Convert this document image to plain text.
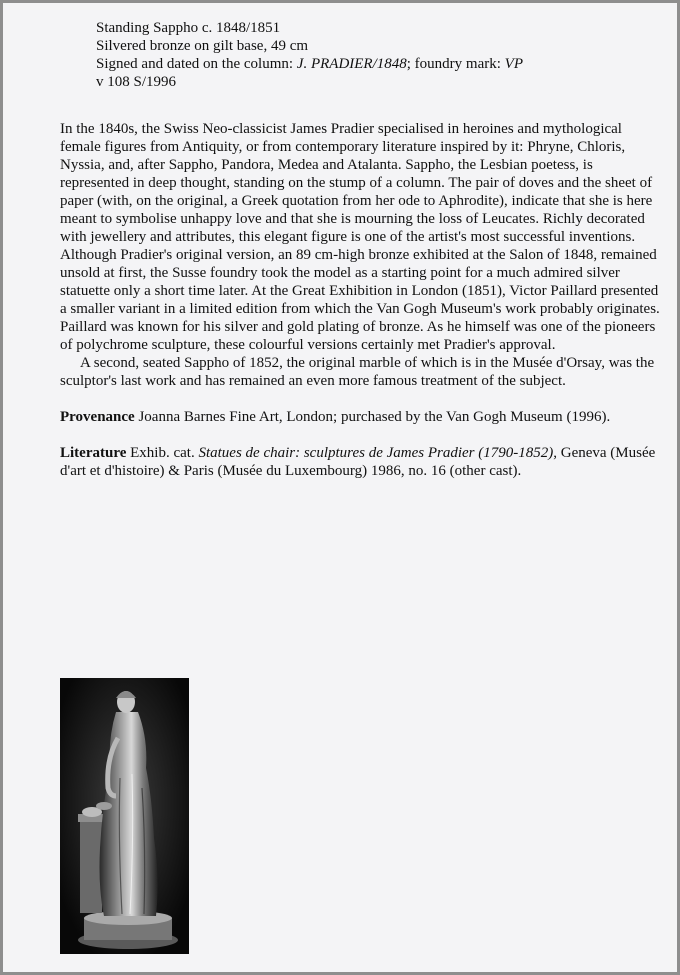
Standing Sappho c. 1848/1851
Silvered bronze on gilt base, 49 cm
Signed and dated on the column: J. PRADIER/1848; foundry mark: VP
v 108 S/1996

In the 1840s, the Swiss Neo-classicist James Pradier specialised in heroines and mythological female figures from Antiquity, or from contemporary literature inspired by it: Phryne, Chloris, Nyssia, and, after Sappho, Pandora, Medea and Atalanta. Sappho, the Lesbian poetess, is represented in deep thought, standing on the stump of a column. The pair of doves and the sheet of paper (with, on the original, a Greek quotation from her ode to Aphrodite), indicate that she is here meant to symbolise unhappy love and that she is mourning the loss of Leucates. Richly decorated with jewellery and attributes, this elegant figure is one of the artist's most successful inventions. Although Pradier's original version, an 89 cm-high bronze exhibited at the Salon of 1848, remained unsold at first, the Susse foundry took the model as a starting point for a much admired silver statuette only a short time later. At the Great Exhibition in London (1851), Victor Paillard presented a smaller variant in a limited edition from which the Van Gogh Museum's work probably originates. Paillard was known for his silver and gold plating of bronze. As he himself was one of the pioneers of polychrome sculpture, these colourful versions certainly met Pradier's approval.

A second, seated Sappho of 1852, the original marble of which is in the Musée d'Orsay, was the sculptor's last work and has remained an even more famous treatment of the subject.

Provenance Joanna Barnes Fine Art, London; purchased by the Van Gogh Museum (1996).

Literature Exhib. cat. Statues de chair: sculptures de James Pradier (1790-1852), Geneva (Musée d'art et d'histoire) & Paris (Musée du Luxembourg) 1986, no. 16 (other cast).
